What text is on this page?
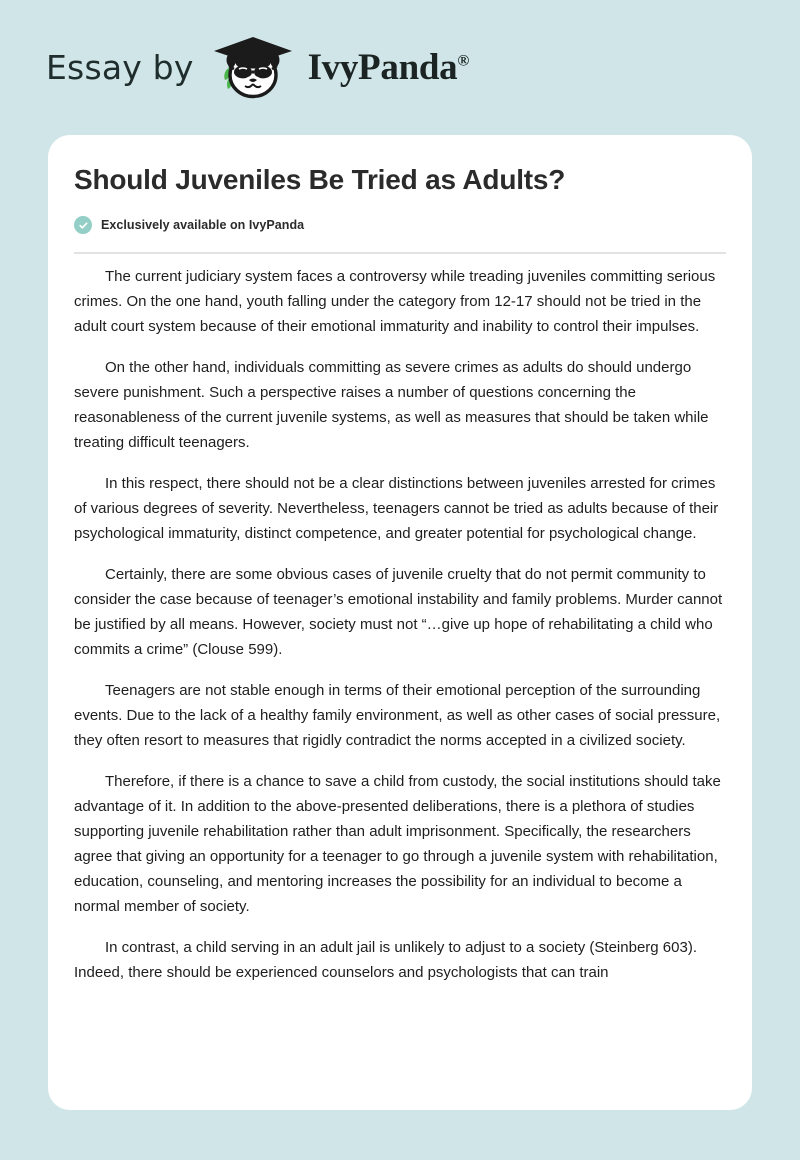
Essay by	IvyPanda®
Should Juveniles Be Tried as Adults?
Exclusively available on IvyPanda

The current judiciary system faces a controversy while treading juveniles committing serious crimes. On the one hand, youth falling under the category from 12-17 should not be tried in the adult court system because of their emotional immaturity and inability to control their impulses.

On the other hand, individuals committing as severe crimes as adults do should undergo severe punishment. Such a perspective raises a number of questions concerning the reasonableness of the current juvenile systems, as well as measures that should be taken while treating difficult teenagers.

In this respect, there should not be a clear distinctions between juveniles arrested for crimes of various degrees of severity. Nevertheless, teenagers cannot be tried as adults because of their psychological immaturity, distinct competence, and greater potential for psychological change.

Certainly, there are some obvious cases of juvenile cruelty that do not permit community to consider the case because of teenager’s emotional instability and family problems. Murder cannot be justified by all means. However, society must not “…give up hope of rehabilitating a child who commits a crime” (Clouse 599).

Teenagers are not stable enough in terms of their emotional perception of the surrounding events. Due to the lack of a healthy family environment, as well as other cases of social pressure, they often resort to measures that rigidly contradict the norms accepted in a civilized society.

Therefore, if there is a chance to save a child from custody, the social institutions should take advantage of it. In addition to the above-presented deliberations, there is a plethora of studies supporting juvenile rehabilitation rather than adult imprisonment. Specifically, the researchers agree that giving an opportunity for a teenager to go through a juvenile system with rehabilitation, education, counseling, and mentoring increases the possibility for an individual to become a normal member of society.

In contrast, a child serving in an adult jail is unlikely to adjust to a society (Steinberg 603). Indeed, there should be experienced counselors and psychologists that can train
